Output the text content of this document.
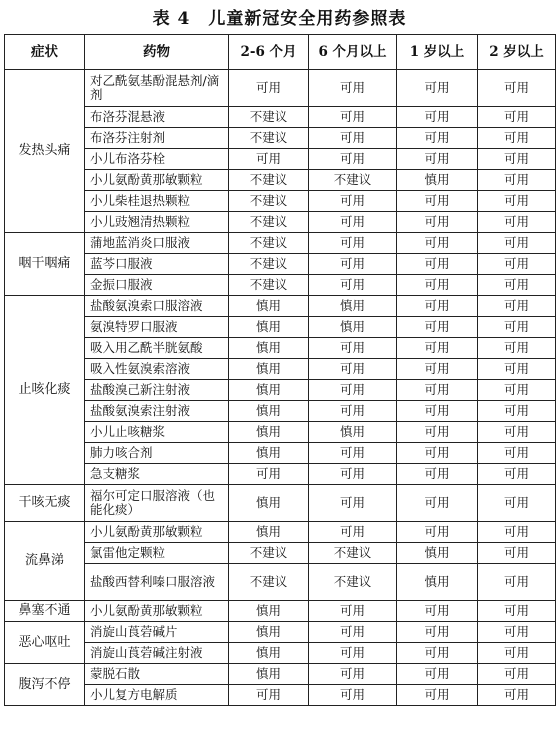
表 4　儿童新冠安全用药参照表
症状	药物	2-6 个月	6 个月以上	1 岁以上	2 岁以上
发热头痛	对乙酰氨基酚混悬剂/滴剂	可用	可用	可用	可用
	布洛芬混悬液	不建议	可用	可用	可用
	布洛芬注射剂	不建议	可用	可用	可用
	小儿布洛芬栓	可用	可用	可用	可用
	小儿氨酚黄那敏颗粒	不建议	不建议	慎用	可用
	小儿柴桂退热颗粒	不建议	可用	可用	可用
	小儿豉翘清热颗粒	不建议	可用	可用	可用
咽干咽痛	蒲地蓝消炎口服液	不建议	可用	可用	可用
	蓝芩口服液	不建议	可用	可用	可用
	金振口服液	不建议	可用	可用	可用
止咳化痰	盐酸氨溴索口服溶液	慎用	慎用	可用	可用
	氨溴特罗口服液	慎用	慎用	可用	可用
	吸入用乙酰半胱氨酸	慎用	可用	可用	可用
	吸入性氨溴索溶液	慎用	可用	可用	可用
	盐酸溴己新注射液	慎用	可用	可用	可用
	盐酸氨溴索注射液	慎用	可用	可用	可用
	小儿止咳糖浆	慎用	慎用	可用	可用
	肺力咳合剂	慎用	可用	可用	可用
	急支糖浆	可用	可用	可用	可用
干咳无痰	福尔可定口服溶液（也能化痰）	慎用	可用	可用	可用
流鼻涕	小儿氨酚黄那敏颗粒	慎用	可用	可用	可用
	氯雷他定颗粒	不建议	不建议	慎用	可用
	盐酸西替利嗪口服溶液	不建议	不建议	慎用	可用
鼻塞不通	小儿氨酚黄那敏颗粒	慎用	可用	可用	可用
恶心呕吐	消旋山莨菪碱片	慎用	可用	可用	可用
	消旋山莨菪碱注射液	慎用	可用	可用	可用
腹泻不停	蒙脱石散	慎用	可用	可用	可用
	小儿复方电解质	可用	可用	可用	可用
